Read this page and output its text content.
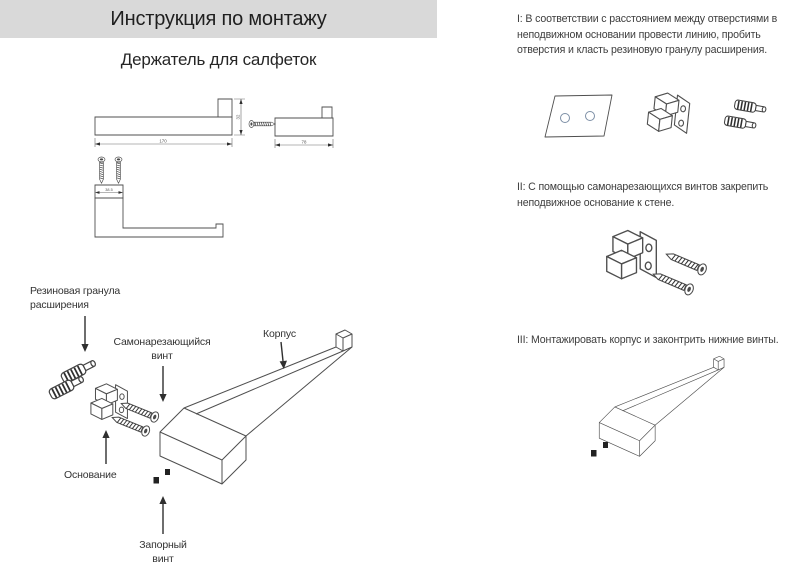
Инструкция по монтажу

Держатель для салфеток

170
32
78
38.5
Резиновая гранула расширения
Самонарезающийся винт
Корпус
Основание
Запорный винт

I: В соответствии с расстоянием между отверстиями в неподвижном основании провести линию, пробить отверстия и класть резиновую гранулу расширения.

II: С помощью самонарезающихся винтов закрепить неподвижное основание к стене.

III: Монтажировать корпус и законтрить нижние винты.
